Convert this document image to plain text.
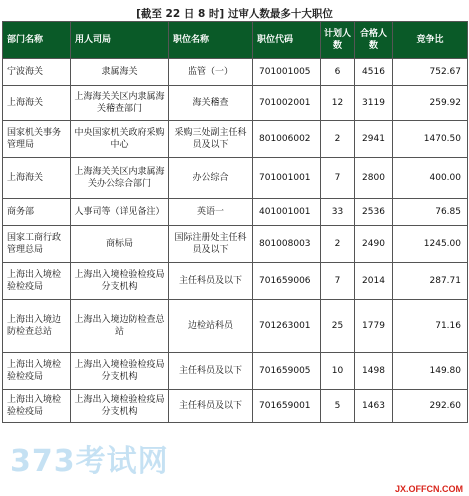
[截至 22 日 8 时] 过审人数最多十大职位
部门名称	用人司局	职位名称	职位代码	计划人数	合格人数	竞争比
宁波海关	隶属海关	监管（一）	701001005	6	4516	752.67
上海海关	上海海关关区内隶属海关稽查部门	海关稽查	701002001	12	3119	259.92
国家机关事务管理局	中央国家机关政府采购中心	采购三处副主任科员及以下	801006002	2	2941	1470.50
上海海关	上海海关关区内隶属海关办公综合部门	办公综合	701001001	7	2800	400.00
商务部	人事司等（详见备注）	英语一	401001001	33	2536	76.85
国家工商行政管理总局	商标局	国际注册处主任科员及以下	801008003	2	2490	1245.00
上海出入境检验检疫局	上海出入境检验检疫局分支机构	主任科员及以下	701659006	7	2014	287.71
上海出入境边防检查总站	上海出入境边防检查总站	边检站科员	701263001	25	1779	71.16
上海出入境检验检疫局	上海出入境检验检疫局分支机构	主任科员及以下	701659005	10	1498	149.80
上海出入境检验检疫局	上海出入境检验检疫局分支机构	主任科员及以下	701659001	5	1463	292.60
373考试网
JX.OFFCN.COM
